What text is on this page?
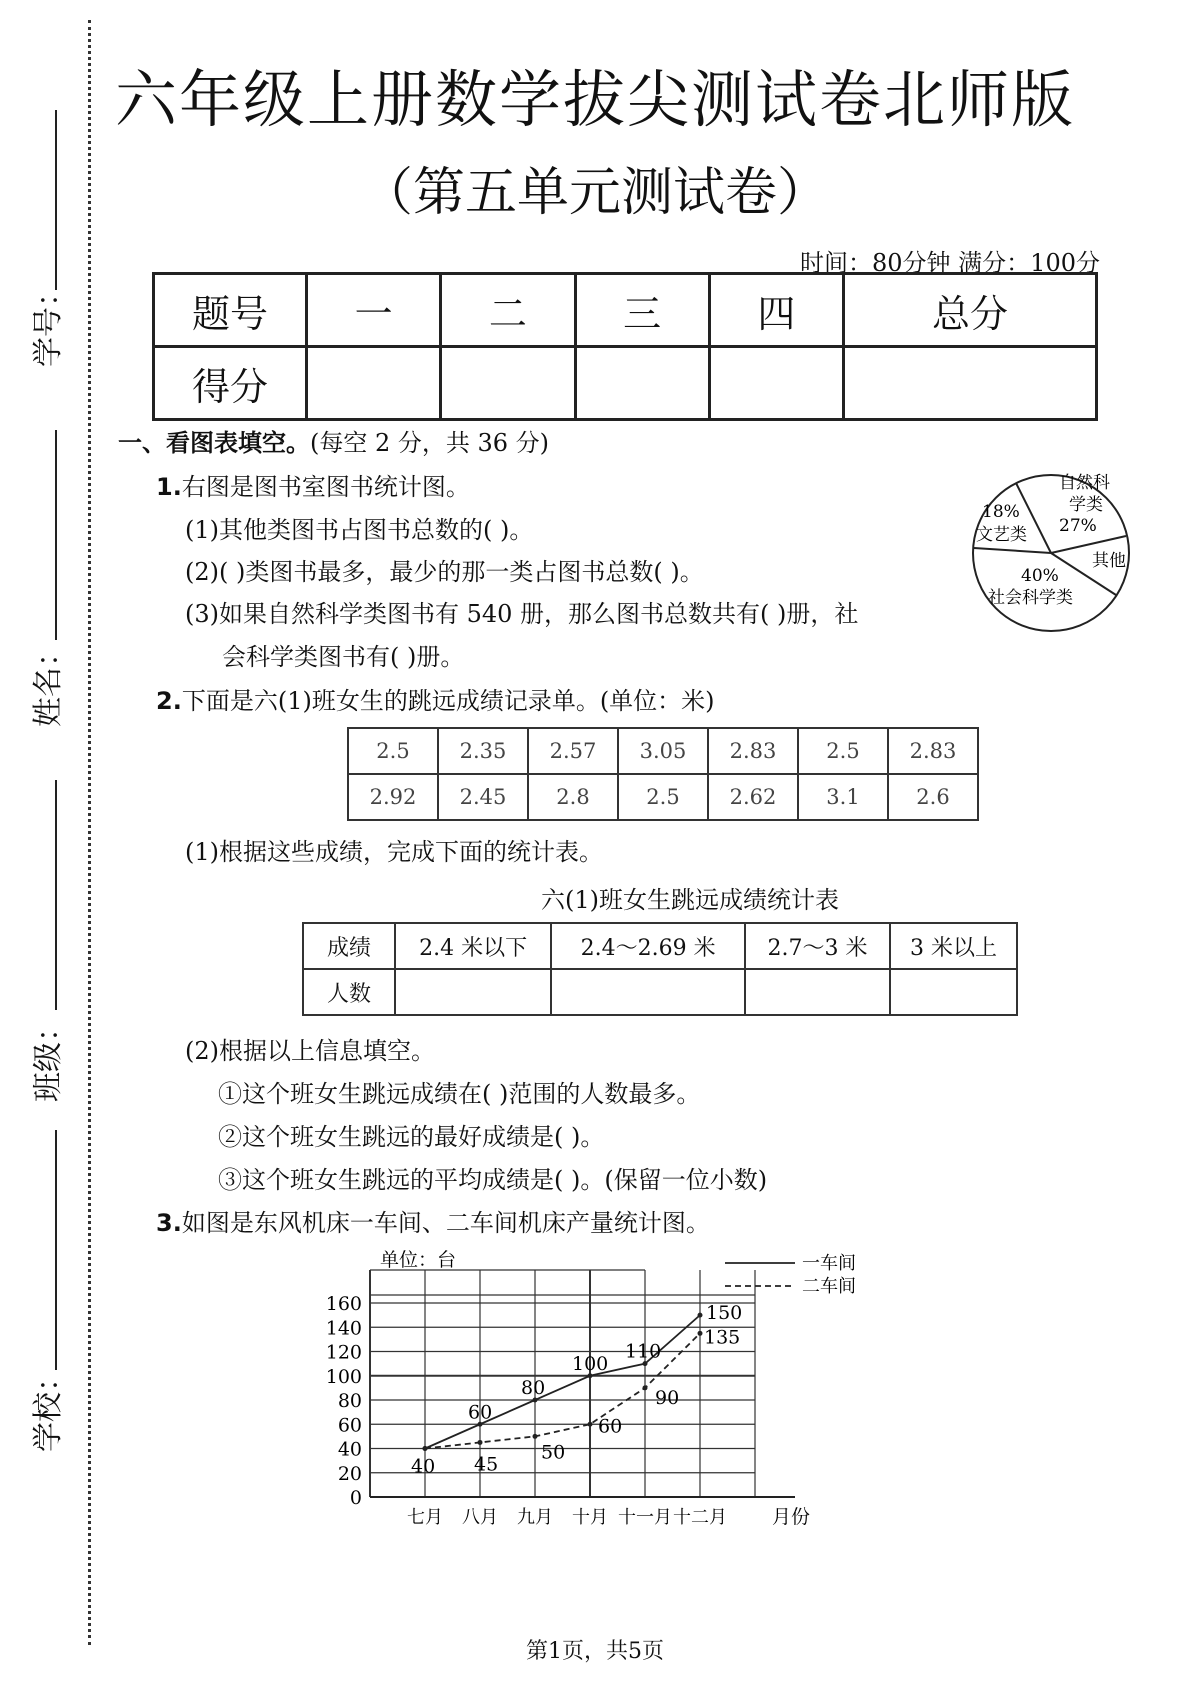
学号：
姓名：
班级：
学校：
六年级上册数学拔尖测试卷北师版
（第五单元测试卷）
时间：80分钟 满分：100分
题号	一	二	三	四	总分
得分					
一、看图表填空。(每空 2 分，共 36 分)
1.右图是图书室图书统计图。
(1)其他类图书占图书总数的( )。
(2)( )类图书最多，最少的那一类占图书总数( )。
(3)如果自然科学类图书有 540 册，那么图书总数共有( )册，社
会科学类图书有( )册。
自然科
学类
27%
18%
文艺类
其他
40%
社会科学类
2.下面是六(1)班女生的跳远成绩记录单。(单位：米)
2.5	2.35	2.57	3.05	2.83	2.5	2.83
2.92	2.45	2.8	2.5	2.62	3.1	2.6
(1)根据这些成绩，完成下面的统计表。
六(1)班女生跳远成绩统计表
成绩	2.4 米以下	2.4～2.69 米	2.7～3 米	3 米以上
人数				
(2)根据以上信息填空。
①这个班女生跳远成绩在( )范围的人数最多。
②这个班女生跳远的最好成绩是( )。
③这个班女生跳远的平均成绩是( )。(保留一位小数)
3.如图是东风机床一车间、二车间机床产量统计图。
单位：台
0
20
40
60
80
100
120
140
160
七月 八月 九月 十月 十一月 十二月
40
60
80
100
110
150
45
50
60
90
135
一车间
二车间
月份
第1页，共5页
